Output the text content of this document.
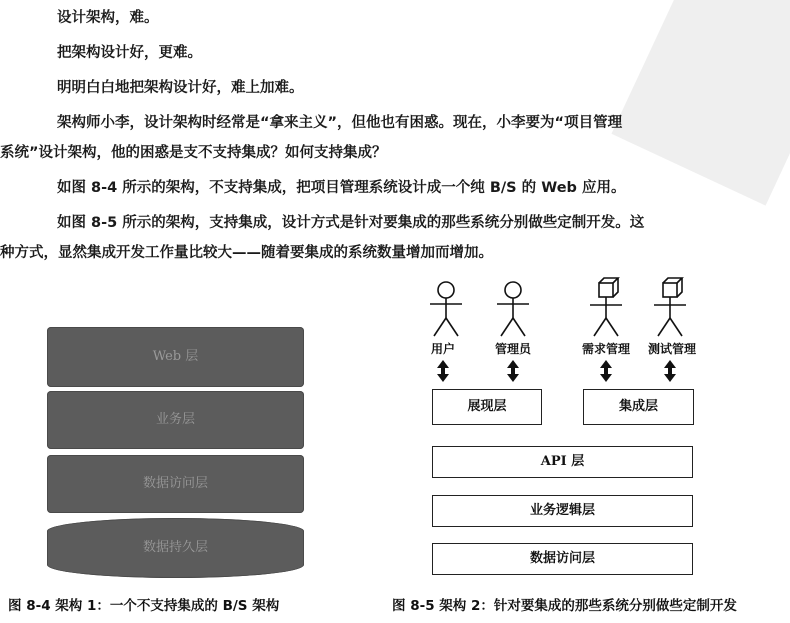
设计架构，难。
把架构设计好，更难。
明明白白地把架构设计好，难上加难。
架构师小李，设计架构时经常是“拿来主义”，但他也有困惑。现在，小李要为“项目管理
系统”设计架构，他的困惑是支不支持集成？如何支持集成？
如图 8-4 所示的架构，不支持集成，把项目管理系统设计成一个纯 B/S 的 Web 应用。
如图 8-5 所示的架构，支持集成，设计方式是针对要集成的那些系统分别做些定制开发。这
种方式，显然集成开发工作量比较大——随着要集成的系统数量增加而增加。
Web 层
业务层
数据访问层
数据持久层
用户	管理员	需求管理	测试管理
展现层	集成层
API 层
业务逻辑层
数据访问层
图 8-4 架构 1：一个不支持集成的 B/S 架构	图 8-5 架构 2：针对要集成的那些系统分别做些定制开发
